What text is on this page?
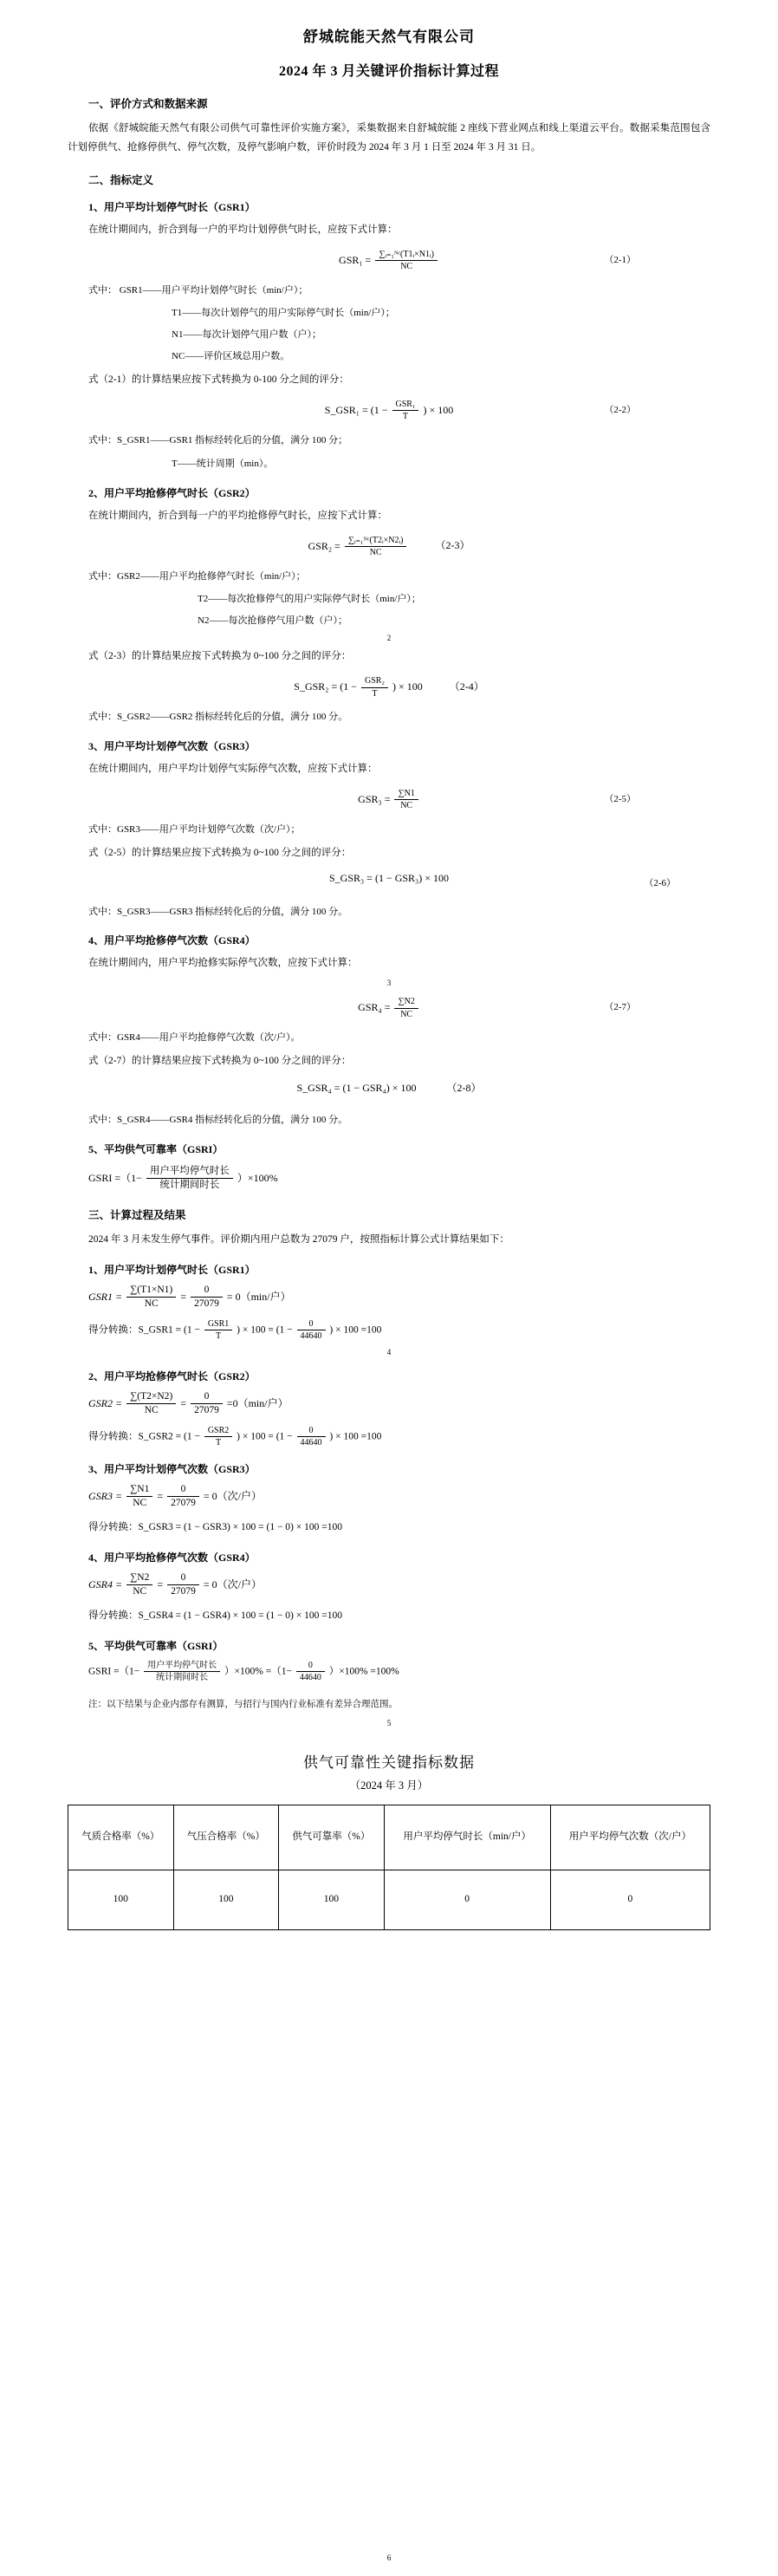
舒城皖能天然气有限公司
2024 年 3 月关键评价指标计算过程
一、评价方式和数据来源
依据《舒城皖能天然气有限公司供气可靠性评价实施方案》，采集数据来自舒城皖能 2 座线下营业网点和线上渠道云平台。数据采集范围包含计划停供气、抢修停供气、停气次数，及停气影响户数，评价时段为 2024 年 3 月 1 日至 2024 年 3 月 31 日。
二、指标定义
1、用户平均计划停气时长（GSR1）
在统计期间内，折合到每一户的平均计划停供气时长，应按下式计算：
$GSR_1 = \frac{\text{∑ᵢ₌₁ᴺᶜ(T1ᵢ×N1ᵢ)}}{NC}$	（2-1）
式中： GSR1——用户平均计划停气时长（min/户）；
T1——每次计划停气的用户实际停气时长（min/户）；
N1——每次计划停气用户数（户）；
NC——评价区域总用户数。
式（2-1）的计算结果应按下式转换为 0-100 分之间的评分：
S_GSR₁ = ($1 - \frac{\text{GSR₁}}{T}$ ) × 100	（2-2）
式中：S_GSR1——GSR1 指标经转化后的分值，满分 100 分；
T——统计周期（min）。
2、用户平均抢修停气时长（GSR2）
在统计期间内，折合到每一户的平均抢修停气时长，应按下式计算：
$GSR_2 = \frac{\text{∑ᵢ₌₁ᴺᶜ(T2ᵢ×N2ᵢ)}}{NC}$	（2-3）
式中：GSR2——用户平均抢修停气时长（min/户）；
T2——每次抢修停气的用户实际停气时长（min/户）；
N2——每次抢修停气用户数（户）；
2
式（2-3）的计算结果应按下式转换为 0~100 分之间的评分：
S_GSR₂ = ($1 - \frac{\text{GSR₂}}{T}$ ) × 100	（2-4）
式中：S_GSR2——GSR2 指标经转化后的分值，满分 100 分。
3、用户平均计划停气次数（GSR3）
在统计期间内，用户平均计划停气实际停气次数，应按下式计算：
$GSR_3 = \frac{\sum N1}{NC}$	（2-5）
式中：GSR3——用户平均计划停气次数（次/户）；
式（2-5）的计算结果应按下式转换为 0~100 分之间的评分：
S_GSR₃ = (1 − GSR₃) × 100	（2-6）
式中：S_GSR3——GSR3 指标经转化后的分值，满分 100 分。
4、用户平均抢修停气次数（GSR4）
在统计期间内，用户平均抢修实际停气次数，应按下式计算：
3
$GSR_4 = \frac{\sum N2}{NC}$	（2-7）
式中：GSR4——用户平均抢修停气次数（次/户）。
式（2-7）的计算结果应按下式转换为 0~100 分之间的评分：
S_GSR₄ = (1 − GSR₄) × 100	（2-8）
式中：S_GSR4——GSR4 指标经转化后的分值，满分 100 分。
5、平均供气可靠率（GSRI）
GSRI $=(1- \frac{\text{用户平均停气时长}}{\text{统计期间时长}} )\times 100\%$
三、计算过程及结果
2024 年 3 月未发生停气事件。评价期内用户总数为 27079 户，按照指标计算公式计算结果如下：
1、用户平均计划停气时长（GSR1）
$GSR1 = \frac{\sum(T1\times N1)}{NC} = \frac{0}{27079} = 0(\min/$户）
得分转换：S_GSR1 = ($1 - \frac{\text{GSR1}}{T}$ ) × $100 = (1 - \frac{0}{44640}$ ) × 100 =100
4
2、用户平均抢修停气时长（GSR2）
$GSR2 = \frac{\sum(T2\times N2)}{NC} = \frac{0}{27079} =0(\min/$户）
得分转换：S_GSR2 = ($1 - \frac{\text{GSR2}}{T}$ ) × $100 = (1 - \frac{0}{44640}$ ) × 100 =100
3、用户平均计划停气次数（GSR3）
$GSR3 = \frac{\sum N1}{NC} = \frac{0}{27079} = 0$（次/户）
得分转换：S_GSR3 = (1 − GSR3) × 100 = (1 − 0) × 100 =100
4、用户平均抢修停气次数（GSR4）
$GSR4 = \frac{\sum N2}{NC} = \frac{0}{27079} = 0$（次/户）
得分转换：S_GSR4 = (1 − GSR4) × 100 = (1 − 0) × 100 =100
5、平均供气可靠率（GSRI）
GSRI $=(1- \frac{\text{用户平均停气时长}}{\text{统计期间时长}} )\times 100\% =(1- \frac{0}{44640} )\times 100\% =100\%$
注：以下结果与企业内部存有测算，与招行与国内行业标准有差异合理范围。
5
供气可靠性关键指标数据
（2024 年 3 月）
气质合格率（%）	气压合格率（%）	供气可靠率（%）	用户平均停气时长（min/户）	用户平均停气次数（次/户）
100	100	100	0	0
6
